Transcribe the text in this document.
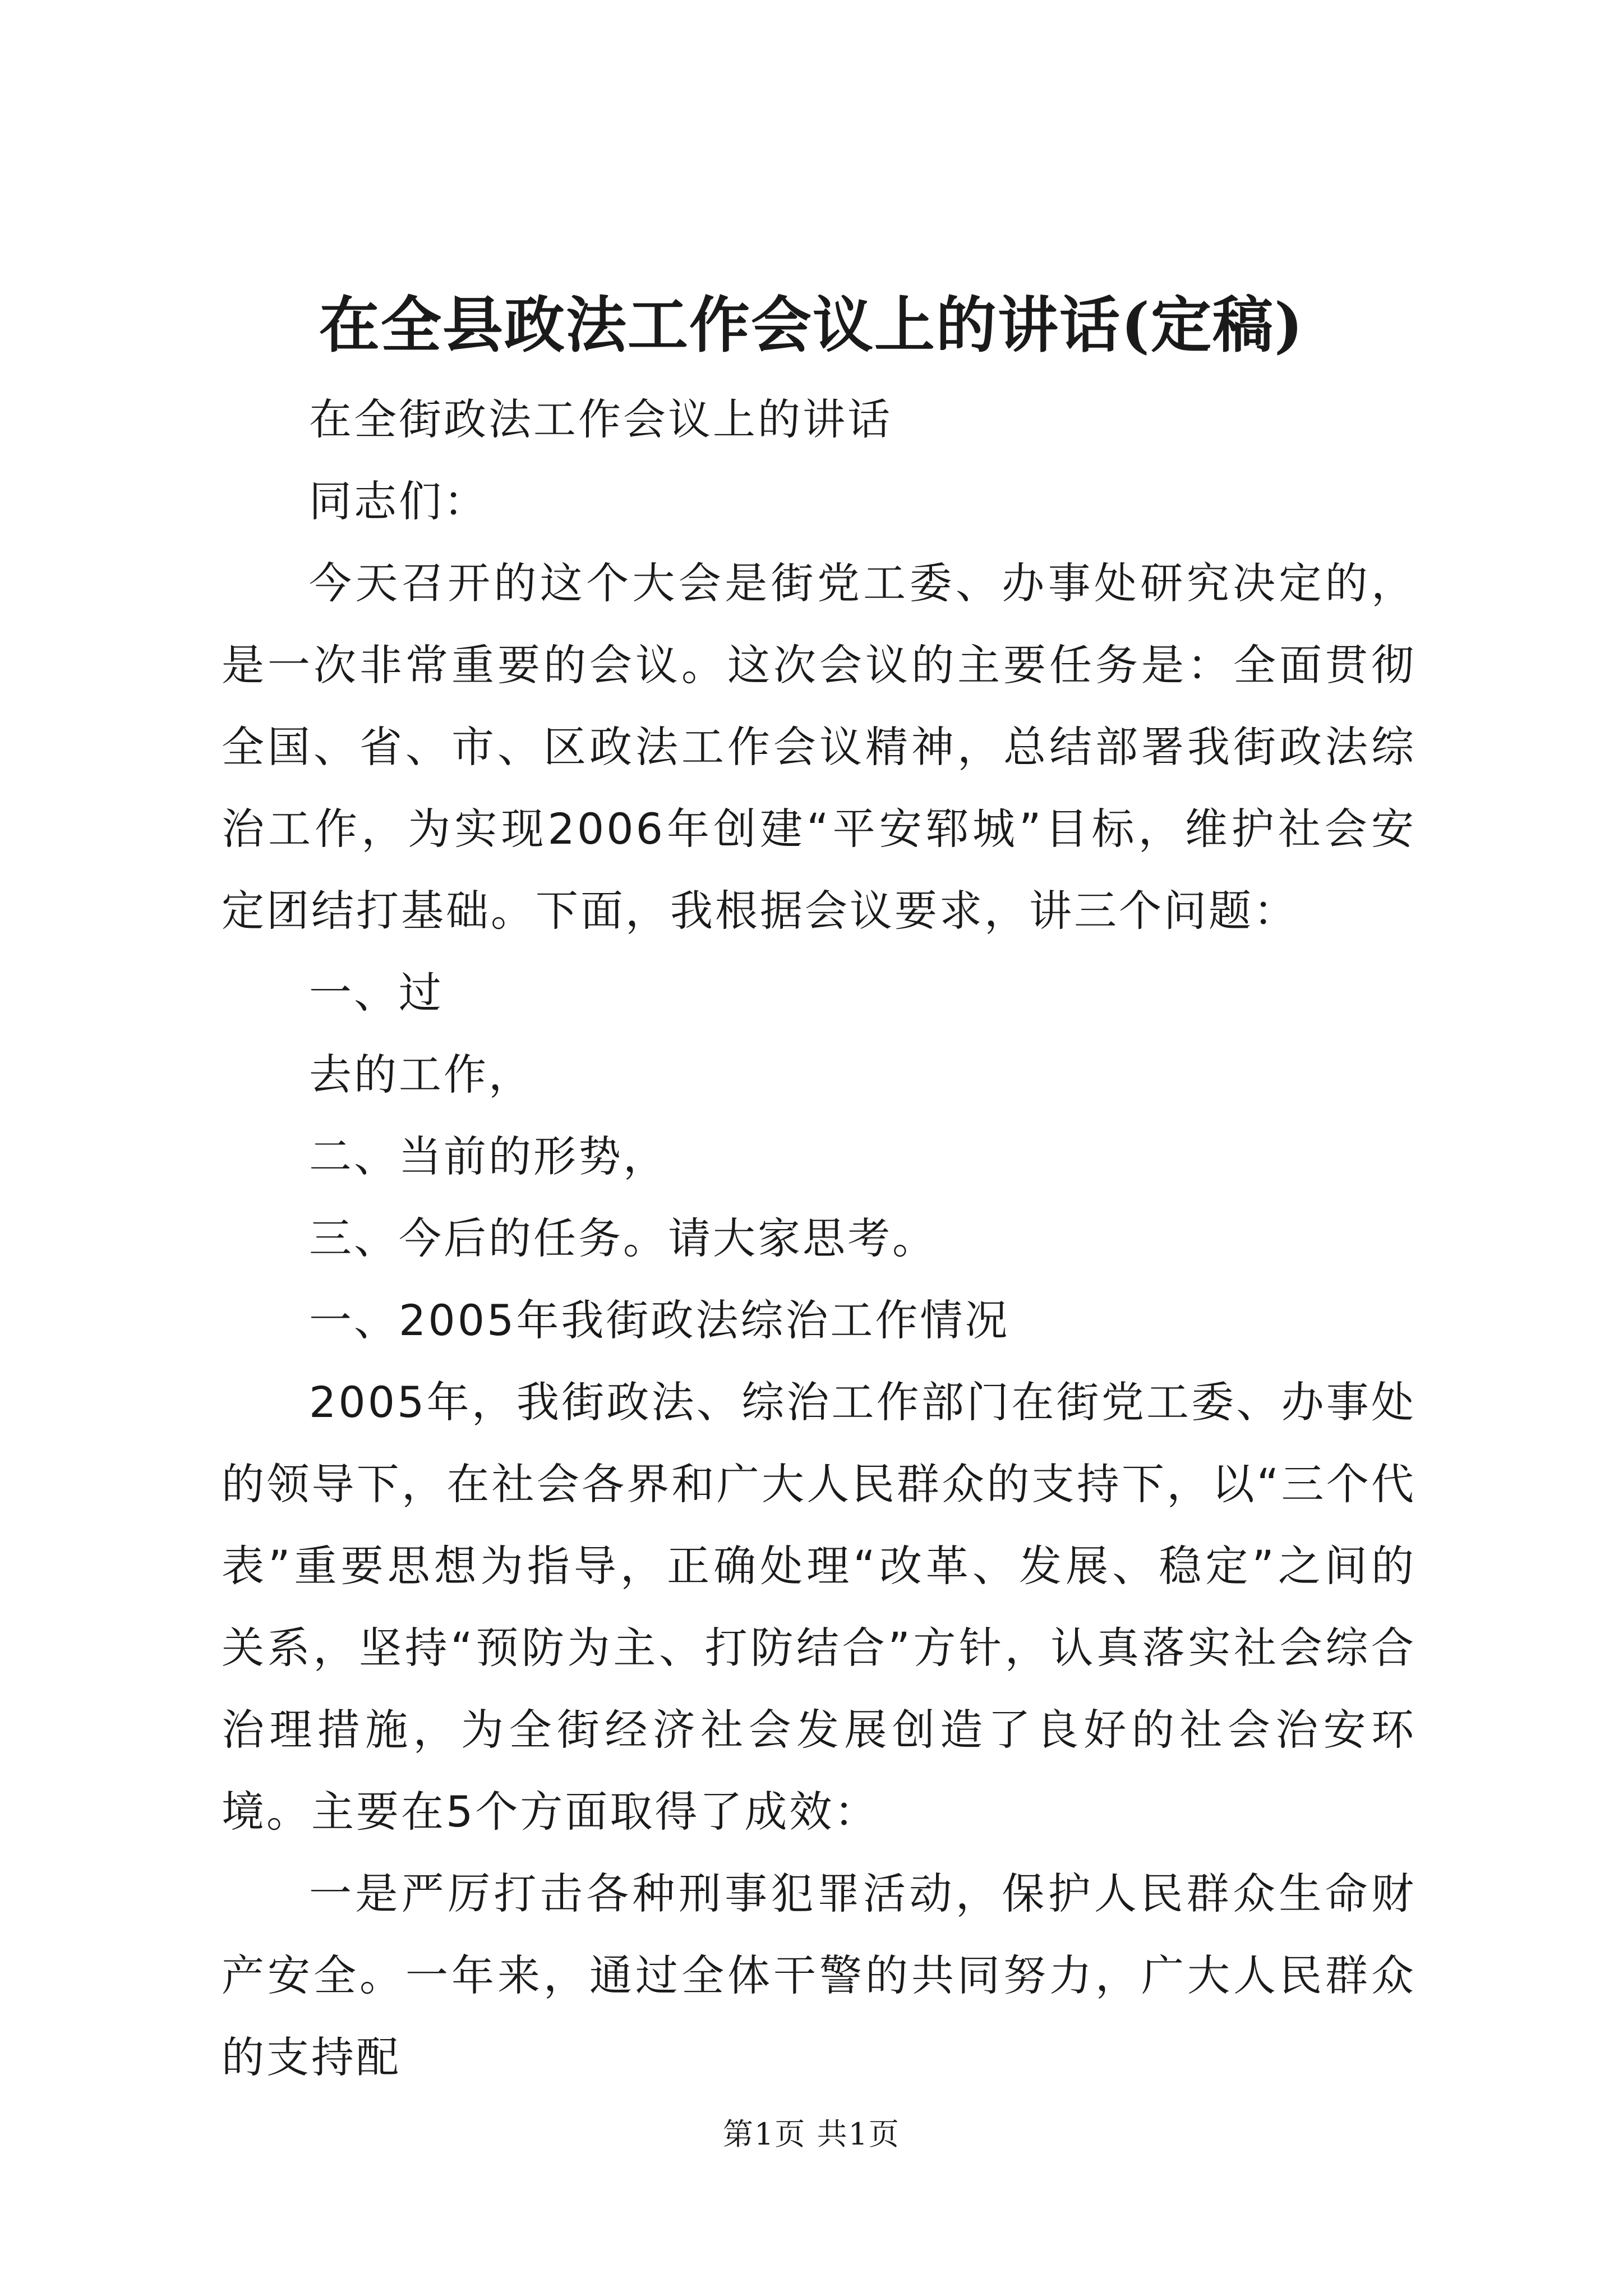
在全县政法工作会议上的讲话(定稿)

在全街政法工作会议上的讲话

同志们：

今天召开的这个大会是街党工委、办事处研究决定的，是一次非常重要的会议。这次会议的主要任务是：全面贯彻全国、省、市、区政法工作会议精神，总结部署我街政法综治工作，为实现2006年创建“平安郓城”目标，维护社会安定团结打基础。下面，我根据会议要求，讲三个问题：

一、过

去的工作，

二、当前的形势，

三、今后的任务。请大家思考。

一、2005年我街政法综治工作情况

2005年，我街政法、综治工作部门在街党工委、办事处的领导下，在社会各界和广大人民群众的支持下，以“三个代表”重要思想为指导，正确处理“改革、发展、稳定”之间的关系，坚持“预防为主、打防结合”方针，认真落实社会综合治理措施，为全街经济社会发展创造了良好的社会治安环境。主要在5个方面取得了成效：

一是严厉打击各种刑事犯罪活动，保护人民群众生命财产安全。一年来，通过全体干警的共同努力，广大人民群众的支持配

第1页 共1页
